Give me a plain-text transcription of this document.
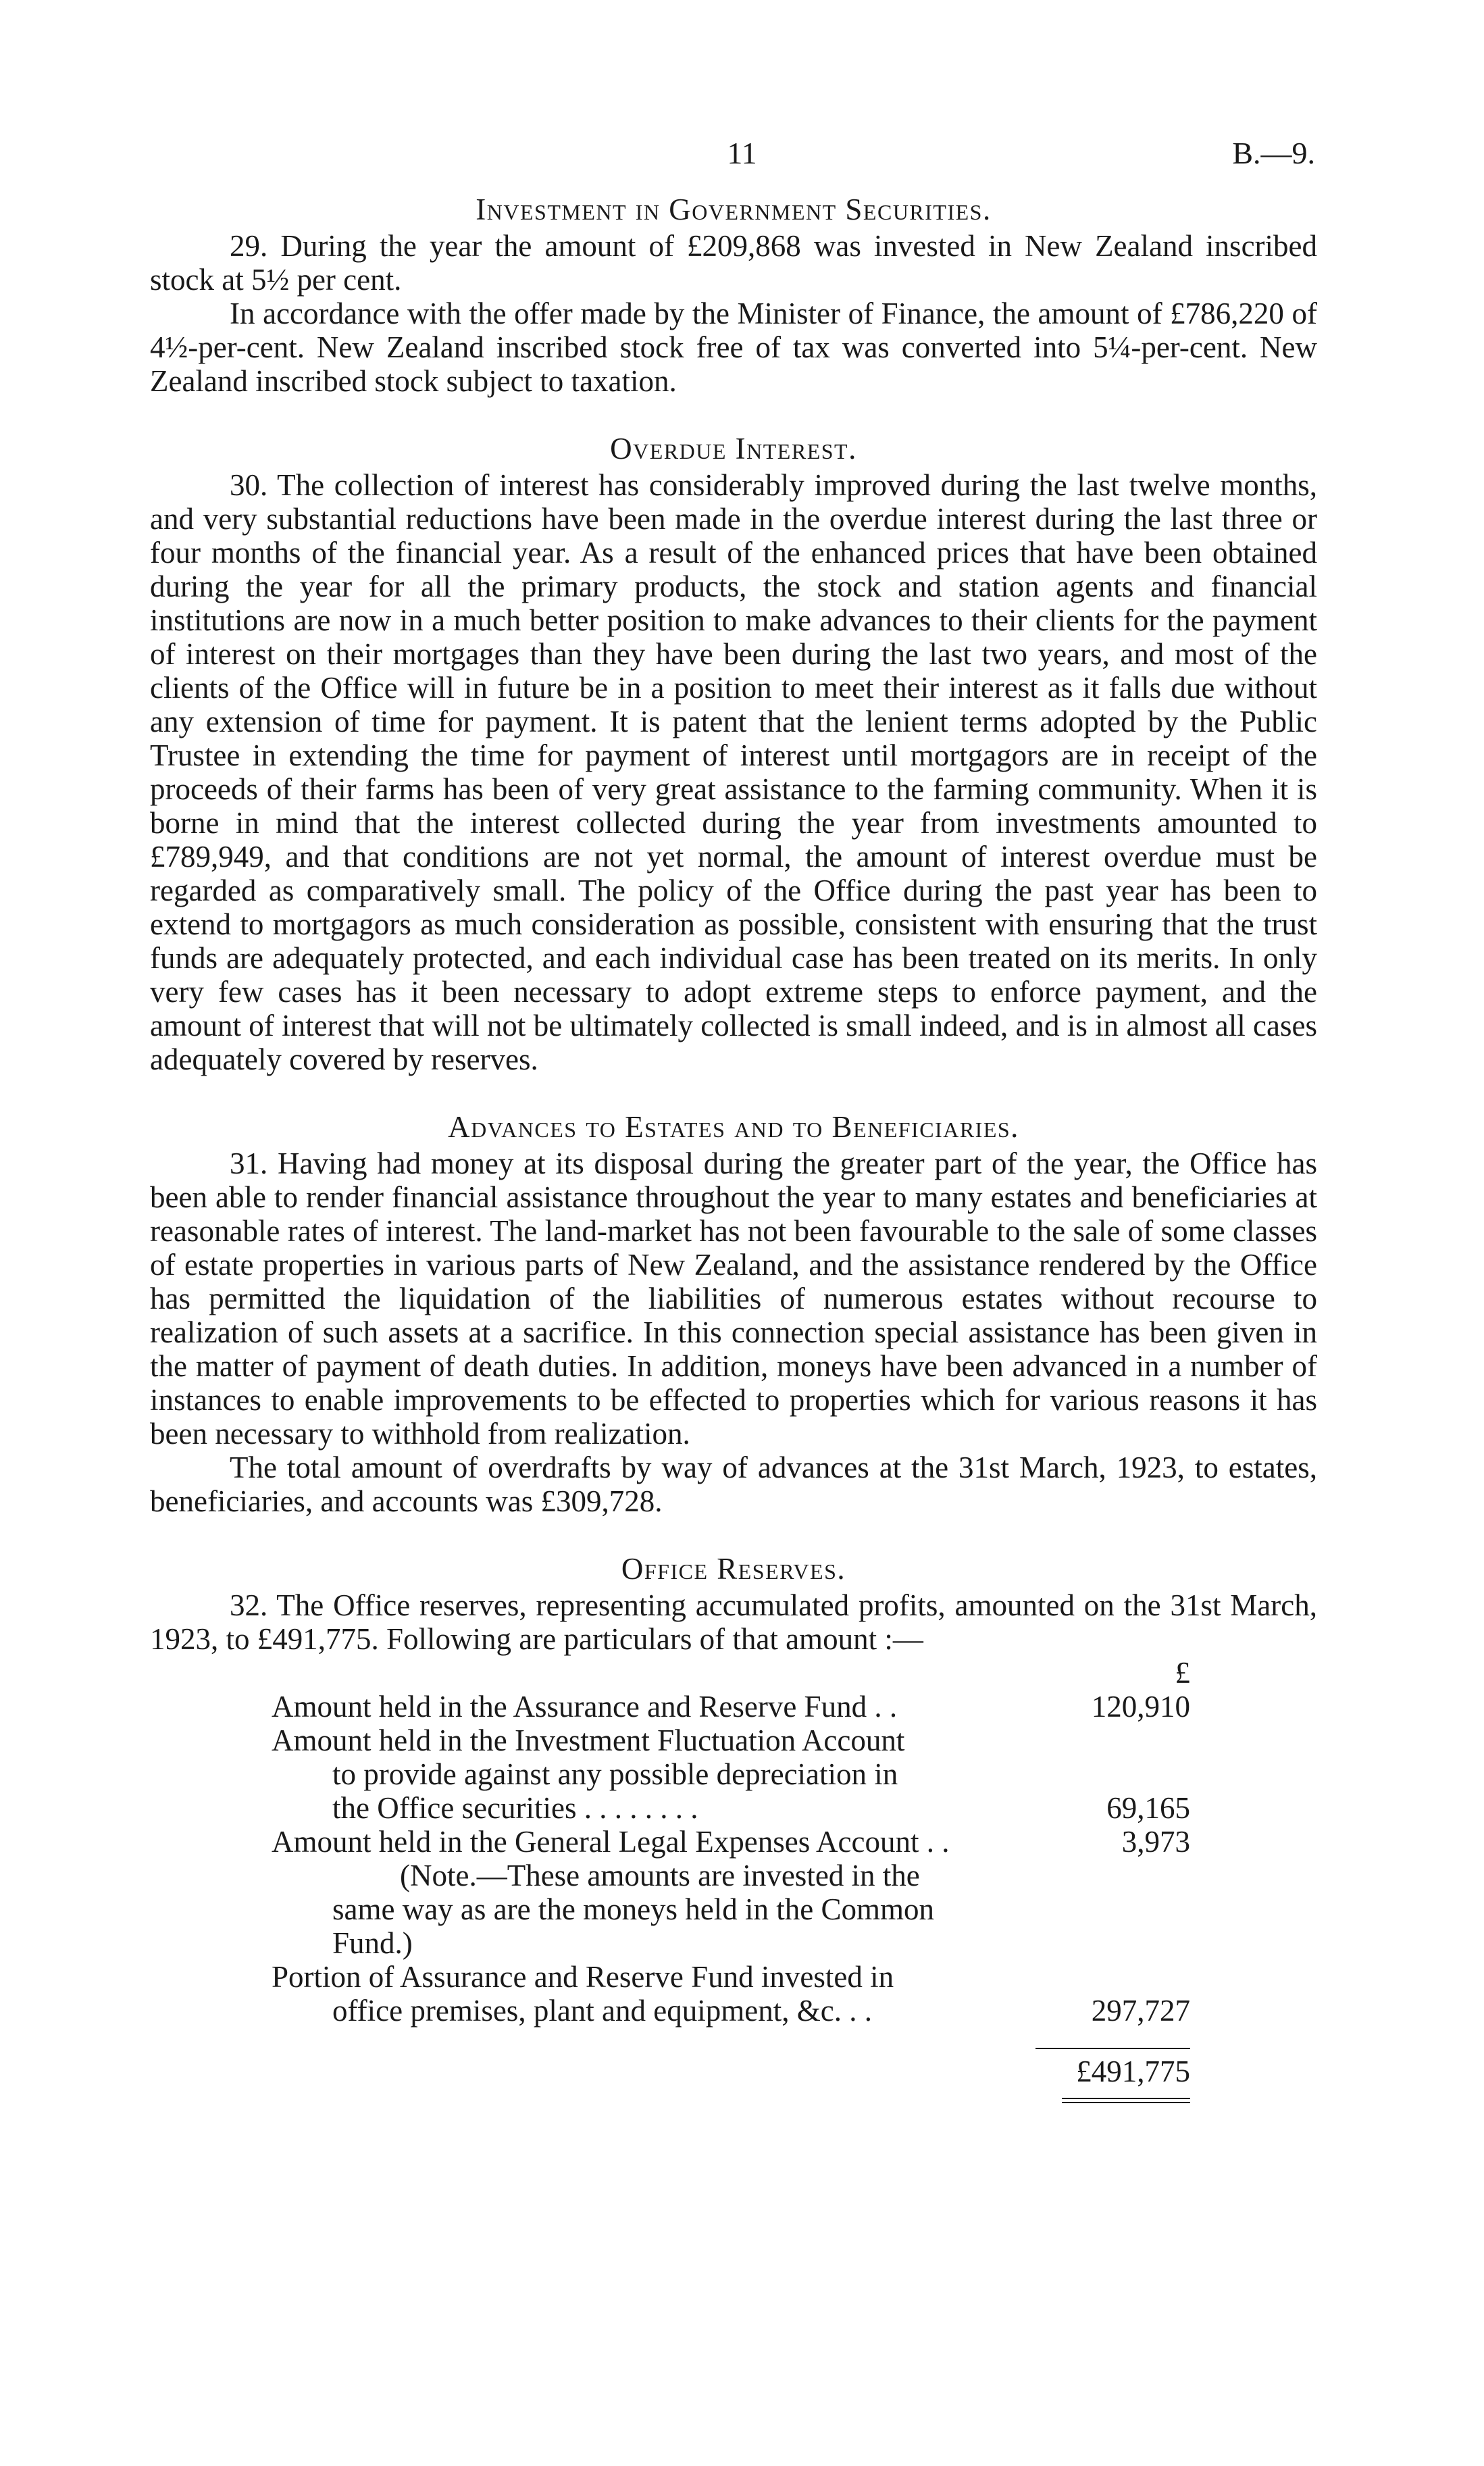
11	B.—9.
Investment in Government Securities.

29. During the year the amount of £209,868 was invested in New Zealand inscribed stock at 5½ per cent.

In accordance with the offer made by the Minister of Finance, the amount of £786,220 of 4½-per-cent. New Zealand inscribed stock free of tax was converted into 5¼-per-cent. New Zealand inscribed stock subject to taxation.

Overdue Interest.

30. The collection of interest has considerably improved during the last twelve months, and very substantial reductions have been made in the overdue interest during the last three or four months of the financial year. As a result of the enhanced prices that have been obtained during the year for all the primary products, the stock and station agents and financial institutions are now in a much better position to make advances to their clients for the payment of interest on their mortgages than they have been during the last two years, and most of the clients of the Office will in future be in a position to meet their interest as it falls due without any extension of time for payment. It is patent that the lenient terms adopted by the Public Trustee in extending the time for payment of interest until mortgagors are in receipt of the proceeds of their farms has been of very great assistance to the farming community. When it is borne in mind that the interest collected during the year from investments amounted to £789,949, and that conditions are not yet normal, the amount of interest overdue must be regarded as comparatively small. The policy of the Office during the past year has been to extend to mortgagors as much consideration as possible, consistent with ensuring that the trust funds are adequately protected, and each individual case has been treated on its merits. In only very few cases has it been necessary to adopt extreme steps to enforce payment, and the amount of interest that will not be ultimately collected is small indeed, and is in almost all cases adequately covered by reserves.

Advances to Estates and to Beneficiaries.

31. Having had money at its disposal during the greater part of the year, the Office has been able to render financial assistance throughout the year to many estates and beneficiaries at reasonable rates of interest. The land-market has not been favourable to the sale of some classes of estate properties in various parts of New Zealand, and the assistance rendered by the Office has permitted the liquidation of the liabilities of numerous estates without recourse to realization of such assets at a sacrifice. In this connection special assistance has been given in the matter of payment of death duties. In addition, moneys have been advanced in a number of instances to enable improvements to be effected to properties which for various reasons it has been necessary to withhold from realization.

The total amount of overdrafts by way of advances at the 31st March, 1923, to estates, beneficiaries, and accounts was £309,728.

Office Reserves.

32. The Office reserves, representing accumulated profits, amounted on the 31st March, 1923, to £491,775. Following are particulars of that amount :—

	£
Amount held in the Assurance and Reserve Fund . .	120,910

Amount held in the Investment Fluctuation Account
to provide against any possible depreciation in
the Office securities . . . . . . . .	69,165
Amount held in the General Legal Expenses Account . .	3,973

(Note.—These amounts are invested in the
same way as are the moneys held in the Common
Fund.)	

Portion of Assurance and Reserve Fund invested in
office premises, plant and equipment, &c. . .	297,727

	£491,775
